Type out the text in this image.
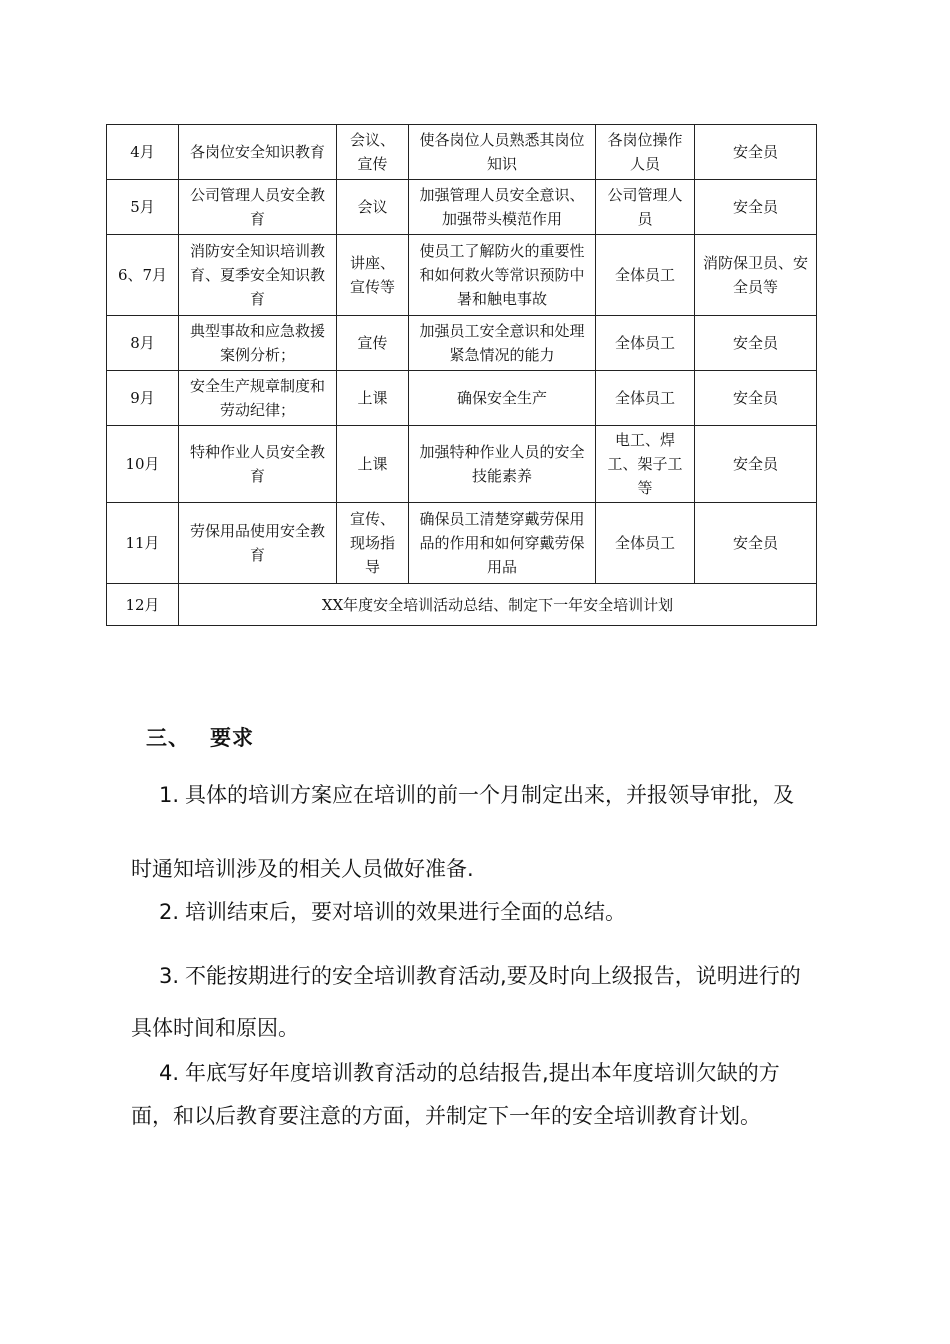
4月	各岗位安全知识教育	会议、宣传	使各岗位人员熟悉其岗位知识	各岗位操作人员	安全员
5月	公司管理人员安全教育	会议	加强管理人员安全意识、加强带头模范作用	公司管理人员	安全员
6、7月	消防安全知识培训教育、夏季安全知识教育	讲座、宣传等	使员工了解防火的重要性和如何救火等常识预防中暑和触电事故	全体员工	消防保卫员、安全员等
8月	典型事故和应急救援案例分析；	宣传	加强员工安全意识和处理紧急情况的能力	全体员工	安全员
9月	安全生产规章制度和劳动纪律；	上课	确保安全生产	全体员工	安全员
10月	特种作业人员安全教育	上课	加强特种作业人员的安全技能素养	电工、焊工、架子工等	安全员
11月	劳保用品使用安全教育	宣传、现场指导	确保员工清楚穿戴劳保用品的作用和如何穿戴劳保用品	全体员工	安全员
12月	XX年度安全培训活动总结、制定下一年安全培训计划				
三、 要求

1. 具体的培训方案应在培训的前一个月制定出来，并报领导审批，及时通知培训涉及的相关人员做好准备.

2. 培训结束后，要对培训的效果进行全面的总结。

3. 不能按期进行的安全培训教育活动,要及时向上级报告，说明进行的具体时间和原因。

4. 年底写好年度培训教育活动的总结报告,提出本年度培训欠缺的方面，和以后教育要注意的方面，并制定下一年的安全培训教育计划。
